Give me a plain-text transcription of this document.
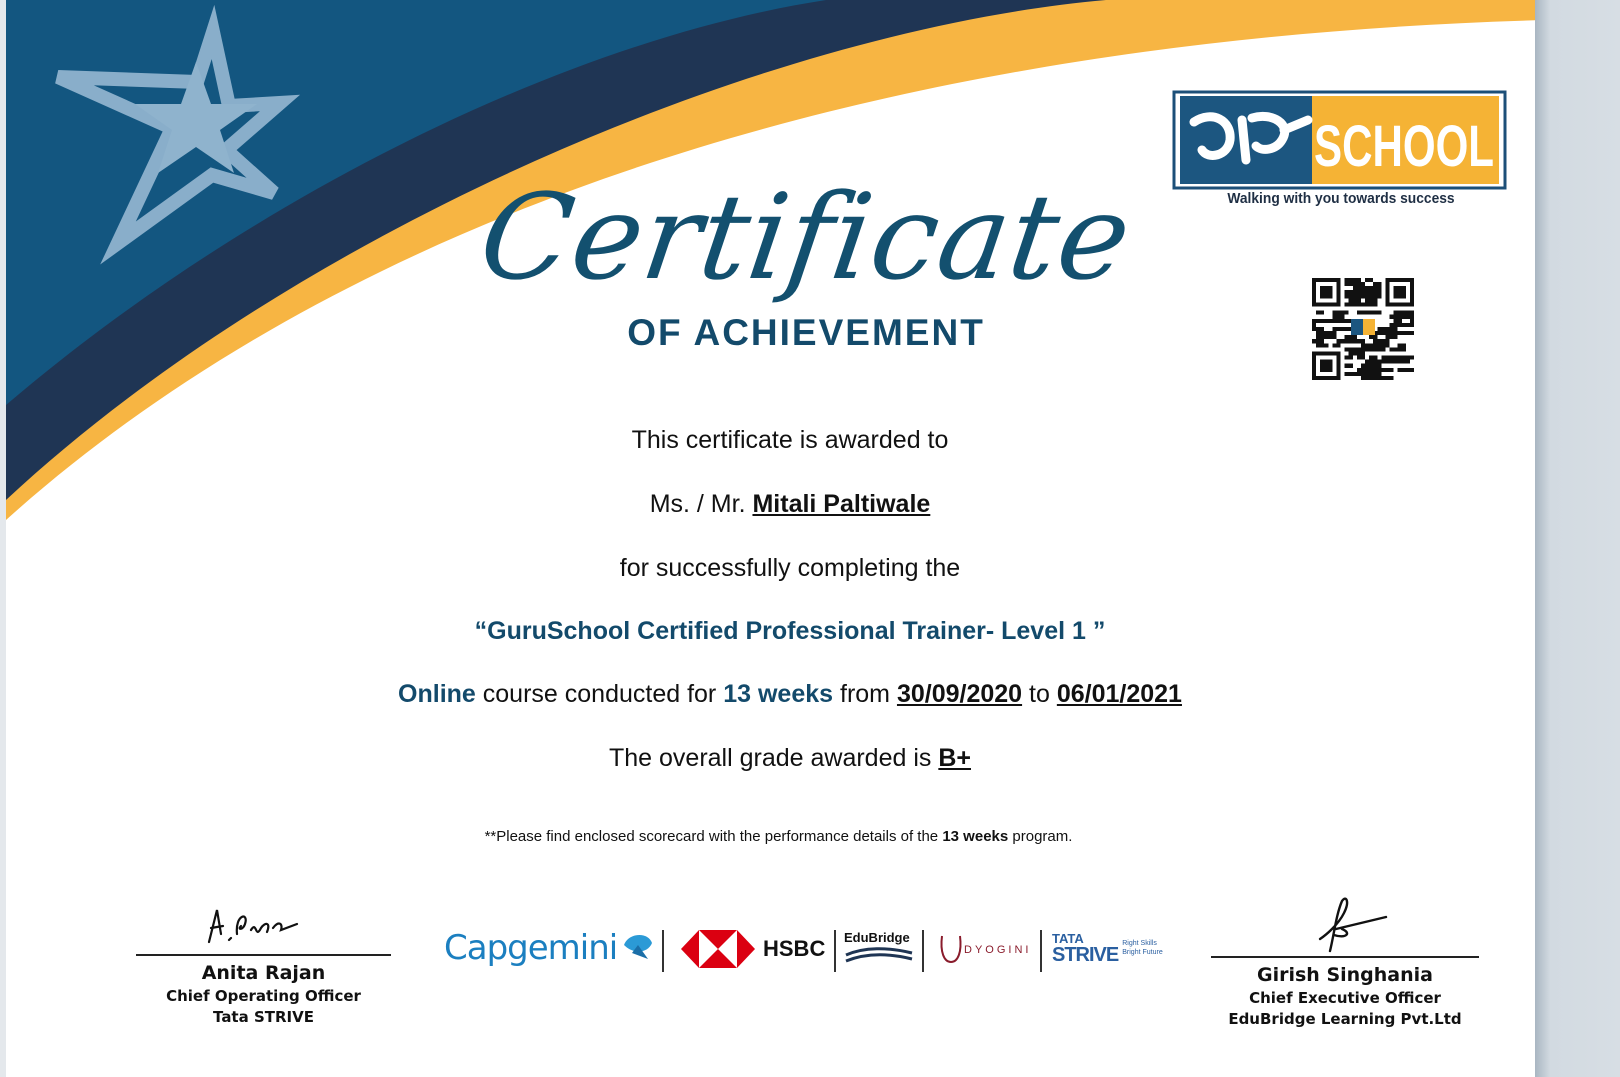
SCHOOL
Walking with you towards success
Certificate
OF ACHIEVEMENT
This certificate is awarded to
Ms. / Mr. Mitali Paltiwale
for successfully completing the
“GuruSchool Certified Professional Trainer- Level 1 ”
Online course conducted for 13 weeks from 30/09/2020 to 06/01/2021
The overall grade awarded is B+
**Please find enclosed scorecard with the performance details of the 13 weeks program.
Anita Rajan
Chief Operating Officer
Tata STRIVE
Girish Singhania
Chief Executive Officer
EduBridge Learning Pvt.Ltd
Capgemini	HSBC EduBridge
DYOGINI
TATA
STRIVE
Right Skills
Bright Future
